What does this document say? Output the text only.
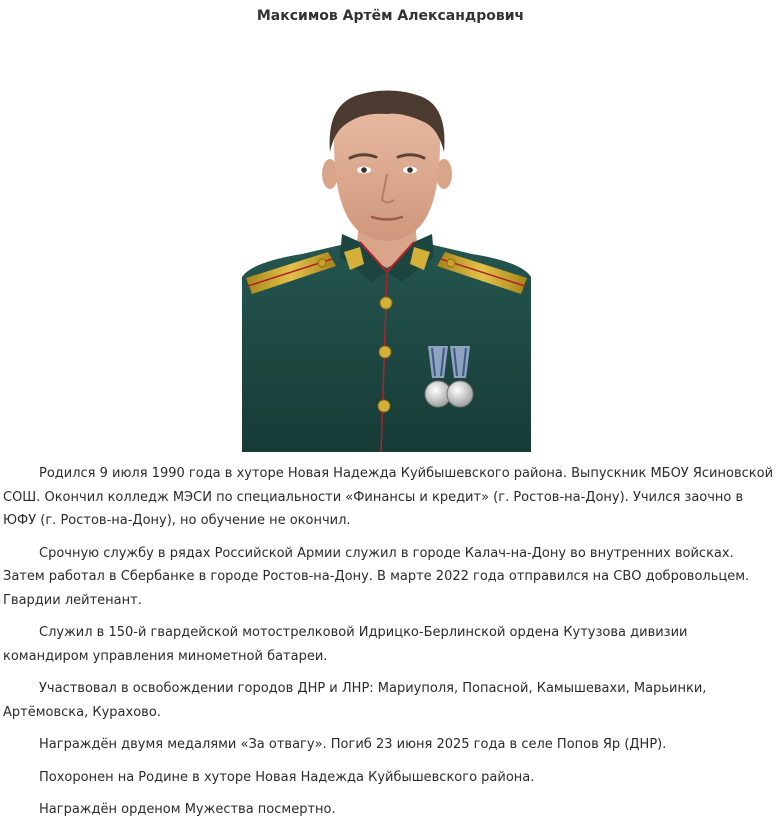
Максимов Артём Александрович

Родился 9 июля 1990 года в хуторе Новая Надежда Куйбышевского района. Выпускник МБОУ Ясиновской СОШ. Окончил колледж МЭСИ по специальности «Финансы и кредит» (г. Ростов-на-Дону). Учился заочно в ЮФУ (г. Ростов-на-Дону), но обучение не окончил.

Срочную службу в рядах Российской Армии служил в городе Калач-на-Дону во внутренних войсках. Затем работал в Сбербанке в городе Ростов-на-Дону. В марте 2022 года отправился на СВО добровольцем. Гвардии лейтенант.

Служил в 150-й гвардейской мотострелковой Идрицко-Берлинской ордена Кутузова дивизии командиром управления минометной батареи.

Участвовал в освобождении городов ДНР и ЛНР: Мариуполя, Попасной, Камышевахи, Марьинки, Артёмовска, Курахово.

Награждён двумя медалями «За отвагу». Погиб 23 июня 2025 года в селе Попов Яр (ДНР).

Похоронен на Родине в хуторе Новая Надежда Куйбышевского района.

Награждён орденом Мужества посмертно.
